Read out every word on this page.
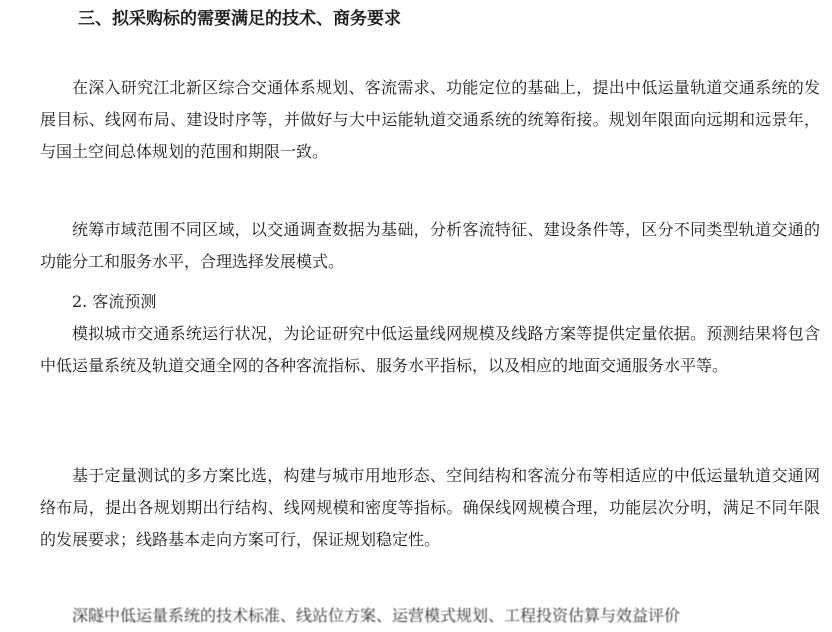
三、拟采购标的需要满足的技术、商务要求

在深入研究江北新区综合交通体系规划、客流需求、功能定位的基础上，提出中低运量轨道交通系统的发展目标、线网布局、建设时序等，并做好与大中运能轨道交通系统的统筹衔接。规划年限面向远期和远景年，与国土空间总体规划的范围和期限一致。

统筹市域范围不同区域，以交通调查数据为基础，分析客流特征、建设条件等，区分不同类型轨道交通的功能分工和服务水平，合理选择发展模式。

2. 客流预测

模拟城市交通系统运行状况，为论证研究中低运量线网规模及线路方案等提供定量依据。预测结果将包含中低运量系统及轨道交通全网的各种客流指标、服务水平指标，以及相应的地面交通服务水平等。

基于定量测试的多方案比选，构建与城市用地形态、空间结构和客流分布等相适应的中低运量轨道交通网络布局，提出各规划期出行结构、线网规模和密度等指标。确保线网规模合理，功能层次分明，满足不同年限的发展要求；线路基本走向方案可行，保证规划稳定性。

深隧中低运量系统的技术标准、线站位方案、运营模式规划、工程投资估算与效益评价
